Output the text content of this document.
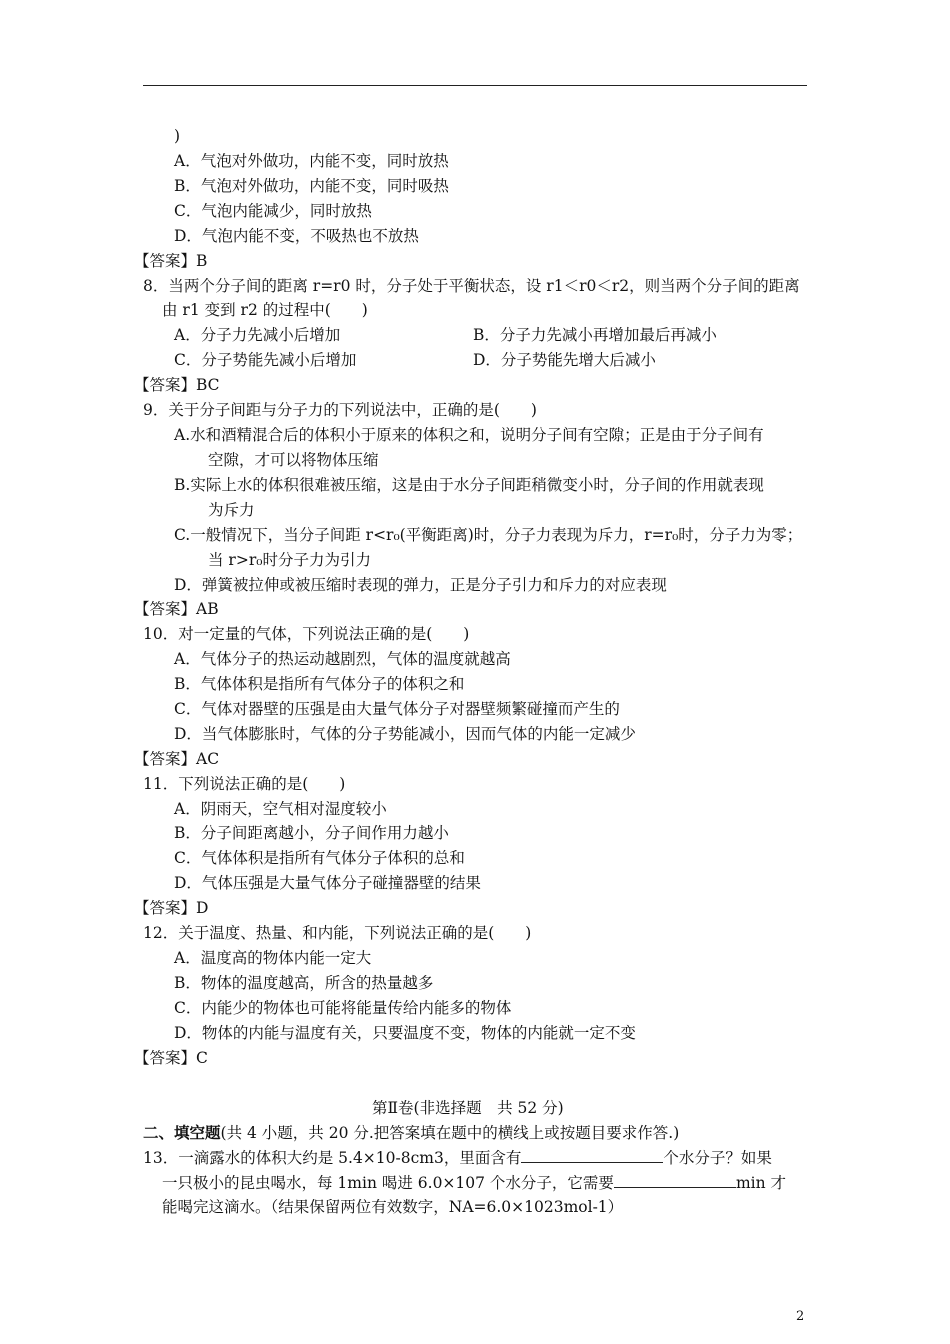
)
A．气泡对外做功，内能不变，同时放热
B．气泡对外做功，内能不变，同时吸热
C．气泡内能减少，同时放热
D．气泡内能不变，不吸热也不放热
【答案】B
8．当两个分子间的距离 r=r0 时，分子处于平衡状态，设 r1＜r0＜r2，则当两个分子间的距离
由 r1 变到 r2 的过程中(　　)
A．分子力先减小后增加	B．分子力先减小再增加最后再减小
C．分子势能先减小后增加	D．分子势能先增大后减小
【答案】BC
9．关于分子间距与分子力的下列说法中，正确的是(　　)
A.水和酒精混合后的体积小于原来的体积之和，说明分子间有空隙；正是由于分子间有
空隙，才可以将物体压缩
B.实际上水的体积很难被压缩，这是由于水分子间距稍微变小时，分子间的作用就表现
为斥力
C.一般情况下，当分子间距 r<r₀(平衡距离)时，分子力表现为斥力，r=r₀时，分子力为零；
当 r>r₀时分子力为引力
D．弹簧被拉伸或被压缩时表现的弹力，正是分子引力和斥力的对应表现
【答案】AB
10．对一定量的气体，下列说法正确的是(　　)
A．气体分子的热运动越剧烈，气体的温度就越高
B．气体体积是指所有气体分子的体积之和
C．气体对器壁的压强是由大量气体分子对器壁频繁碰撞而产生的
D．当气体膨胀时，气体的分子势能减小，因而气体的内能一定减少
【答案】AC
11．下列说法正确的是(　　)
A．阴雨天，空气相对湿度较小
B．分子间距离越小，分子间作用力越小
C．气体体积是指所有气体分子体积的总和
D．气体压强是大量气体分子碰撞器壁的结果
【答案】D
12．关于温度、热量、和内能，下列说法正确的是(　　)
A．温度高的物体内能一定大
B．物体的温度越高，所含的热量越多
C．内能少的物体也可能将能量传给内能多的物体
D．物体的内能与温度有关，只要温度不变，物体的内能就一定不变
【答案】C
第Ⅱ卷(非选择题　共 52 分)
二、填空题(共 4 小题，共 20 分.把答案填在题中的横线上或按题目要求作答.)
13．一滴露水的体积大约是 5.4×10-8cm3，里面含有	个水分子？如果
一只极小的昆虫喝水，每 1min 喝进 6.0×107 个水分子，它需要	min 才
能喝完这滴水。（结果保留两位有效数字，NA=6.0×1023mol-1）
2
